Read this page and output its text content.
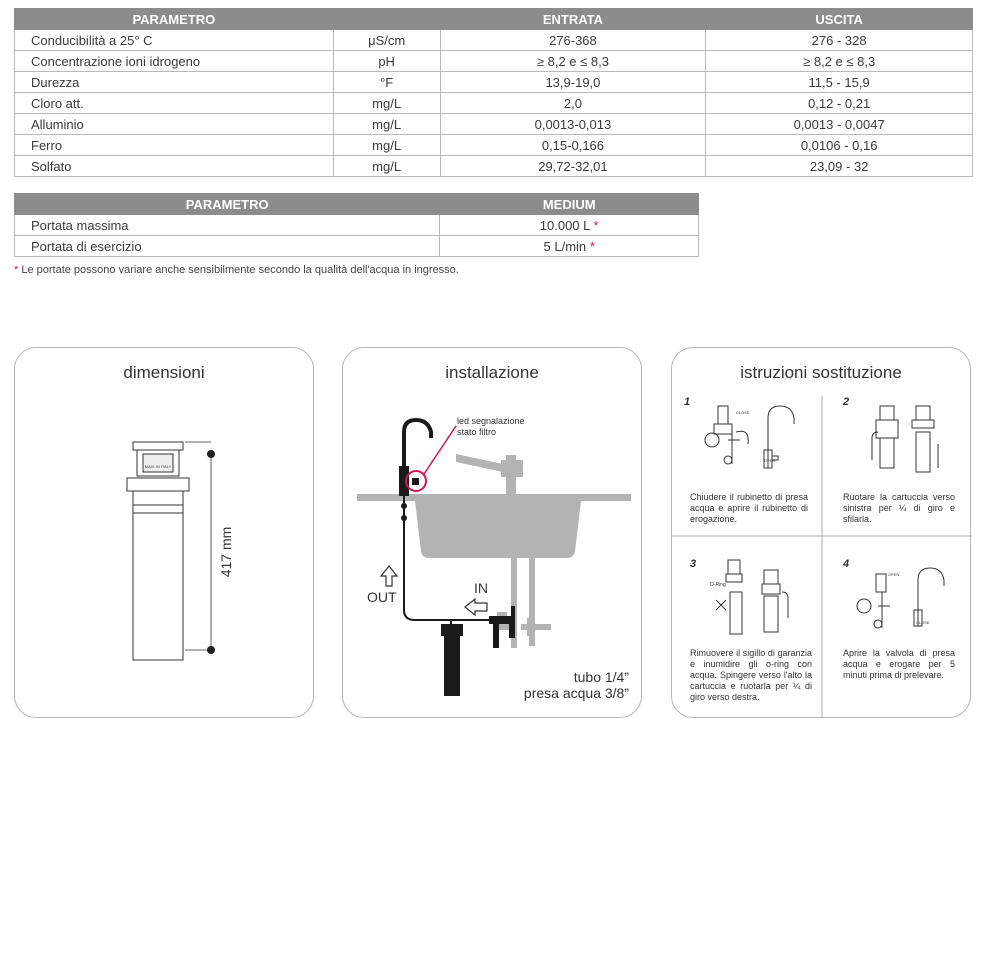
PARAMETRO		ENTRATA	USCITA
Conducibilità a 25° C	μS/cm	276-368	276 - 328
Concentrazione ioni idrogeno	pH	≥ 8,2 e ≤ 8,3	≥ 8,2 e ≤ 8,3
Durezza	°F	13,9-19,0	11,5 - 15,9
Cloro att.	mg/L	2,0	0,12 - 0,21
Alluminio	mg/L	0,0013-0,013	0,0013 - 0,0047
Ferro	mg/L	0,15-0,166	0,0106 - 0,16
Solfato	mg/L	29,72-32,01	23,09 - 32
PARAMETRO	MEDIUM
Portata massima	10.000 L *
Portata di esercizio	5 L/min *
* Le portate possono variare anche sensibilmente secondo la qualità dell'acqua in ingresso.
dimensioni
MAXI IN ITALY
417 mm
installazione
led segnalazione
stato filtro
OUT
IN
tubo 1/4”
presa acqua 3/8”
istruzioni sostituzione
CLOSE
OPEN
O-Ring
OPEN
CLOSE
1	2
3	4
Chiudere il rubinetto di presa acqua e aprire il rubinetto di erogazione.
Ruotare la cartuccia verso sinistra per ¼ di giro e sfilarla.
Rimuovere il sigillo di garanzia e inumidire gli o-ring con acqua. Spingere verso l'alto la cartuccia e ruotarla per ¼ di giro verso destra.
Aprire la valvola di presa acqua e erogare per 5 minuti prima di prelevare.
